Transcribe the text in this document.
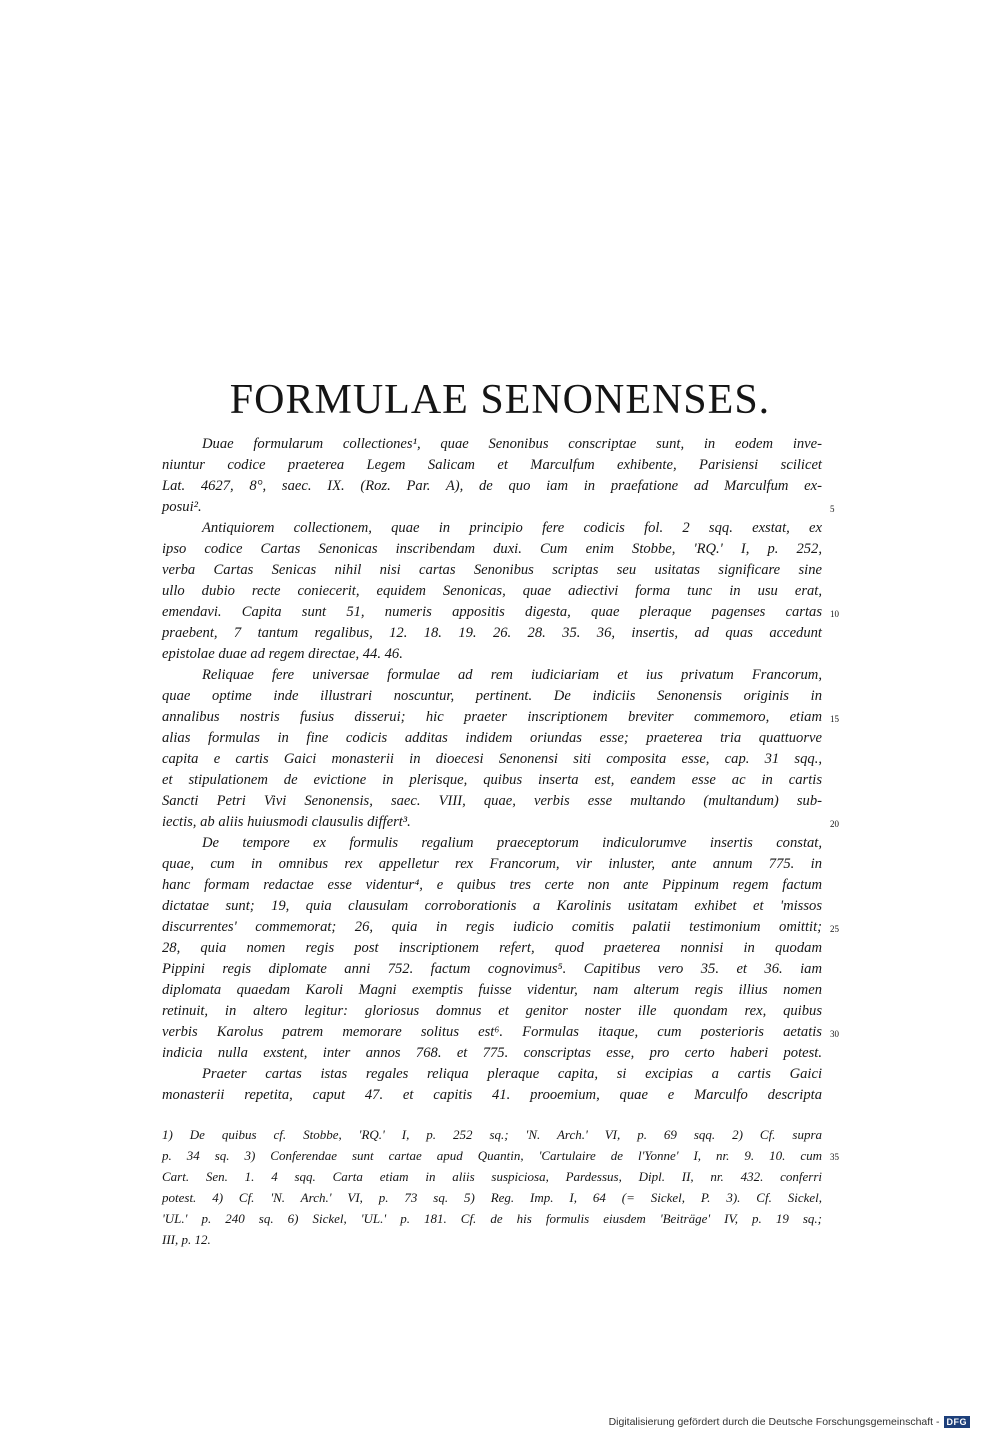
FORMULAE SENONENSES.
Duae formularum collectiones¹, quae Senonibus conscriptae sunt, in eodem inve-
niuntur codice praeterea Legem Salicam et Marculfum exhibente, Parisiensi scilicet
Lat. 4627, 8°, saec. IX. (Roz. Par. A), de quo iam in praefatione ad Marculfum ex-
posui².	5
Antiquiorem collectionem, quae in principio fere codicis fol. 2 sqq. exstat, ex
ipso codice Cartas Senonicas inscribendam duxi. Cum enim Stobbe, 'RQ.' I, p. 252,
verba Cartas Senicas nihil nisi cartas Senonibus scriptas seu usitatas significare sine
ullo dubio recte coniecerit, equidem Senonicas, quae adiectivi forma tunc in usu erat,
emendavi. Capita sunt 51, numeris appositis digesta, quae pleraque pagenses cartas 10
praebent, 7 tantum regalibus, 12. 18. 19. 26. 28. 35. 36, insertis, ad quas accedunt
epistolae duae ad regem directae, 44. 46.
Reliquae fere universae formulae ad rem iudiciariam et ius privatum Francorum,
quae optime inde illustrari noscuntur, pertinent. De indiciis Senonensis originis in
annalibus nostris fusius disserui; hic praeter inscriptionem breviter commemoro, etiam 15
alias formulas in fine codicis additas indidem oriundas esse; praeterea tria quattuorve
capita e cartis Gaici monasterii in dioecesi Senonensi siti composita esse, cap. 31 sqq.,
et stipulationem de evictione in plerisque, quibus inserta est, eandem esse ac in cartis
Sancti Petri Vivi Senonensis, saec. VIII, quae, verbis esse multando (multandum) sub-
iectis, ab aliis huiusmodi clausulis differt³.	20
De tempore ex formulis regalium praeceptorum indiculorumve insertis constat,
quae, cum in omnibus rex appelletur rex Francorum, vir inluster, ante annum 775. in
hanc formam redactae esse videntur⁴, e quibus tres certe non ante Pippinum regem factum
dictatae sunt; 19, quia clausulam corroborationis a Karolinis usitatam exhibet et 'missos
discurrentes' commemorat; 26, quia in regis iudicio comitis palatii testimonium omittit; 25
28, quia nomen regis post inscriptionem refert, quod praeterea nonnisi in quodam
Pippini regis diplomate anni 752. factum cognovimus⁵. Capitibus vero 35. et 36. iam
diplomata quaedam Karoli Magni exemptis fuisse videntur, nam alterum regis illius nomen
retinuit, in altero legitur: gloriosus domnus et genitor noster ille quondam rex, quibus
verbis Karolus patrem memorare solitus est⁶. Formulas itaque, cum posterioris aetatis 30
indicia nulla exstent, inter annos 768. et 775. conscriptas esse, pro certo haberi potest.
Praeter cartas istas regales reliqua pleraque capita, si excipias a cartis Gaici
monasterii repetita, caput 47. et capitis 41. prooemium, quae e Marculfo descripta
1) De quibus cf. Stobbe, 'RQ.' I, p. 252 sq.; 'N. Arch.' VI, p. 69 sqq. 2) Cf. supra
p. 34 sq. 3) Conferendae sunt cartae apud Quantin, 'Cartulaire de l'Yonne' I, nr. 9. 10. cum 35
Cart. Sen. 1. 4 sqq. Carta etiam in aliis suspiciosa, Pardessus, Dipl. II, nr. 432. conferri
potest. 4) Cf. 'N. Arch.' VI, p. 73 sq. 5) Reg. Imp. I, 64 (= Sickel, P. 3). Cf. Sickel,
'UL.' p. 240 sq. 6) Sickel, 'UL.' p. 181. Cf. de his formulis eiusdem 'Beiträge' IV, p. 19 sq.;
III, p. 12.
Digitalisierung gefördert durch die Deutsche Forschungsgemeinschaft - DFG
